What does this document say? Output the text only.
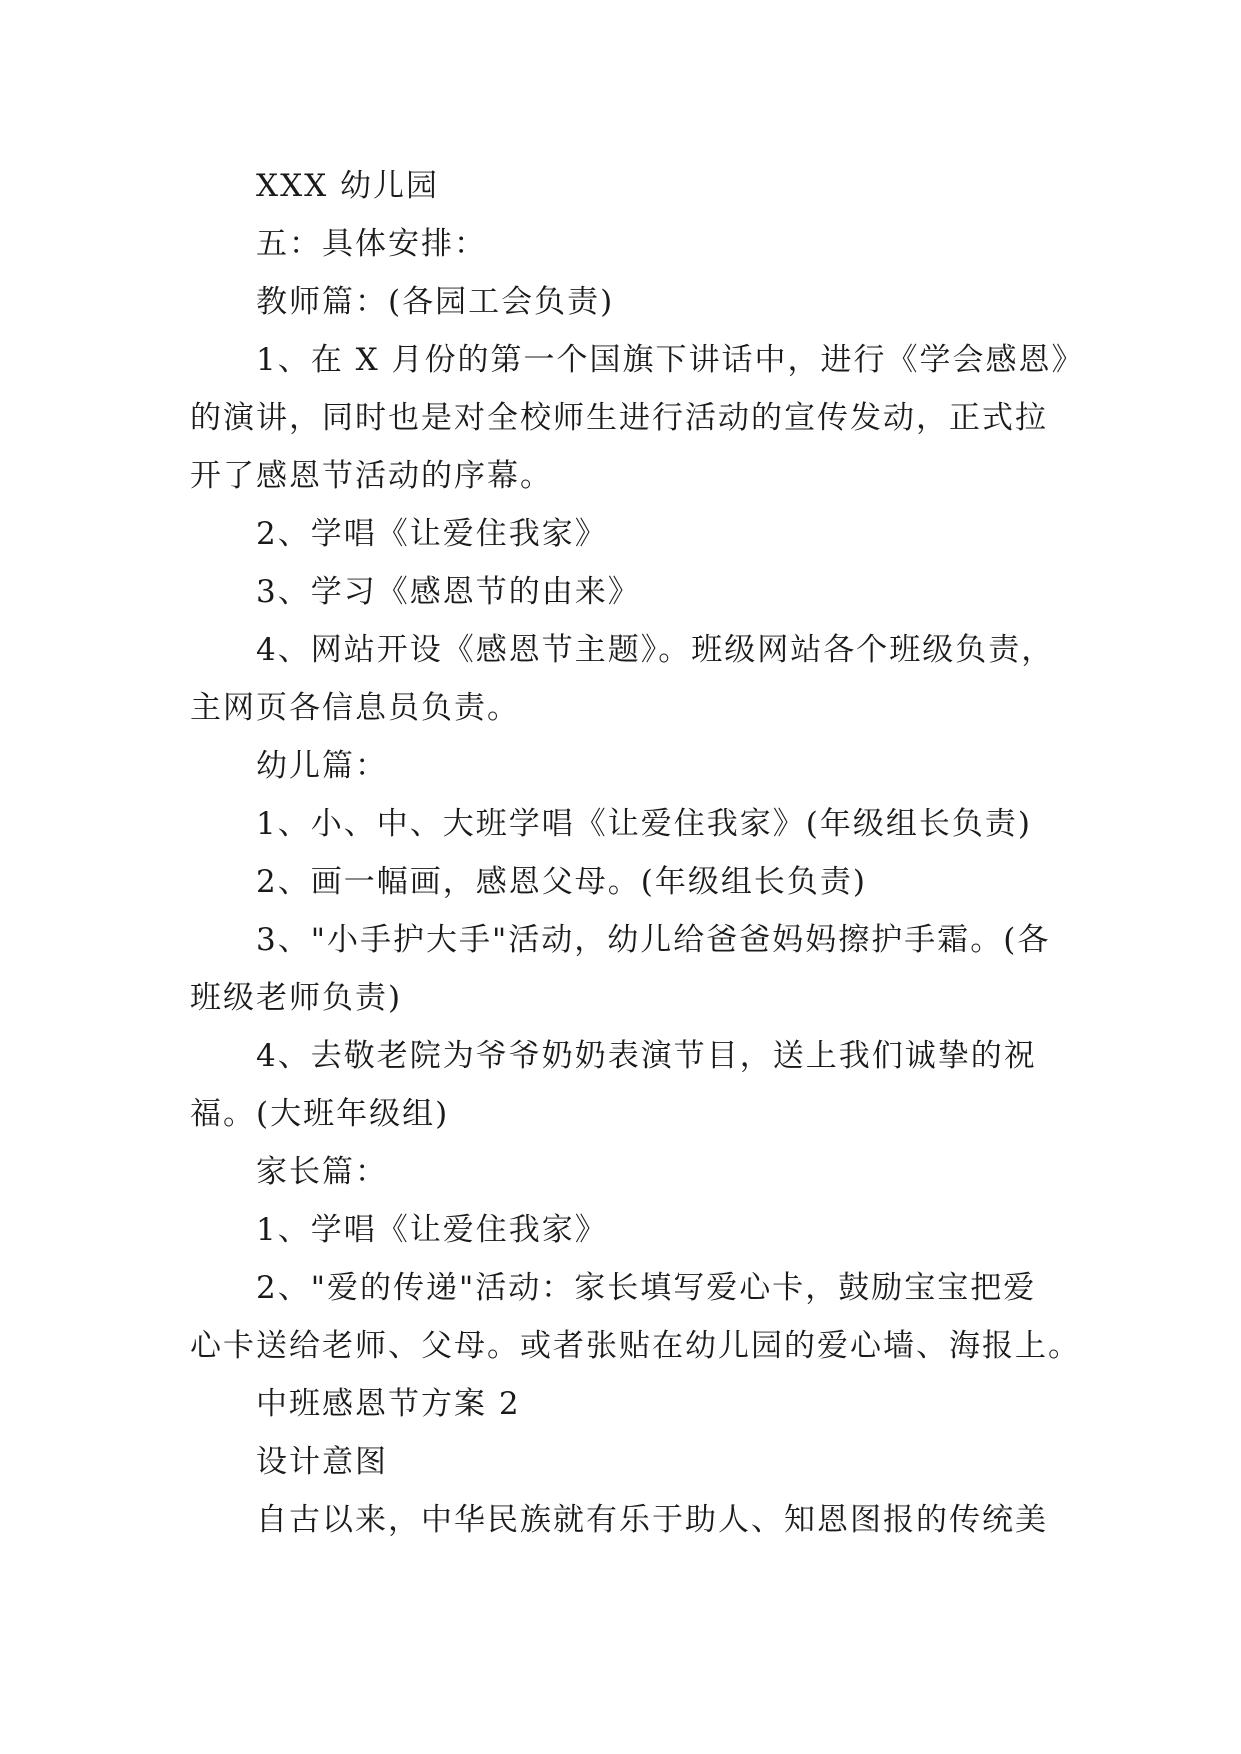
XXX 幼儿园
五：具体安排：
教师篇：(各园工会负责)
1、在 X 月份的第一个国旗下讲话中，进行《学会感恩》
的演讲，同时也是对全校师生进行活动的宣传发动，正式拉
开了感恩节活动的序幕。
2、学唱《让爱住我家》
3、学习《感恩节的由来》
4、网站开设《感恩节主题》。班级网站各个班级负责，
主网页各信息员负责。
幼儿篇：
1、小、中、大班学唱《让爱住我家》(年级组长负责)
2、画一幅画，感恩父母。(年级组长负责)
3、"小手护大手"活动，幼儿给爸爸妈妈擦护手霜。(各
班级老师负责)
4、去敬老院为爷爷奶奶表演节目，送上我们诚挚的祝
福。(大班年级组)
家长篇：
1、学唱《让爱住我家》
2、"爱的传递"活动：家长填写爱心卡，鼓励宝宝把爱
心卡送给老师、父母。或者张贴在幼儿园的爱心墙、海报上。
中班感恩节方案 2
设计意图
自古以来，中华民族就有乐于助人、知恩图报的传统美
